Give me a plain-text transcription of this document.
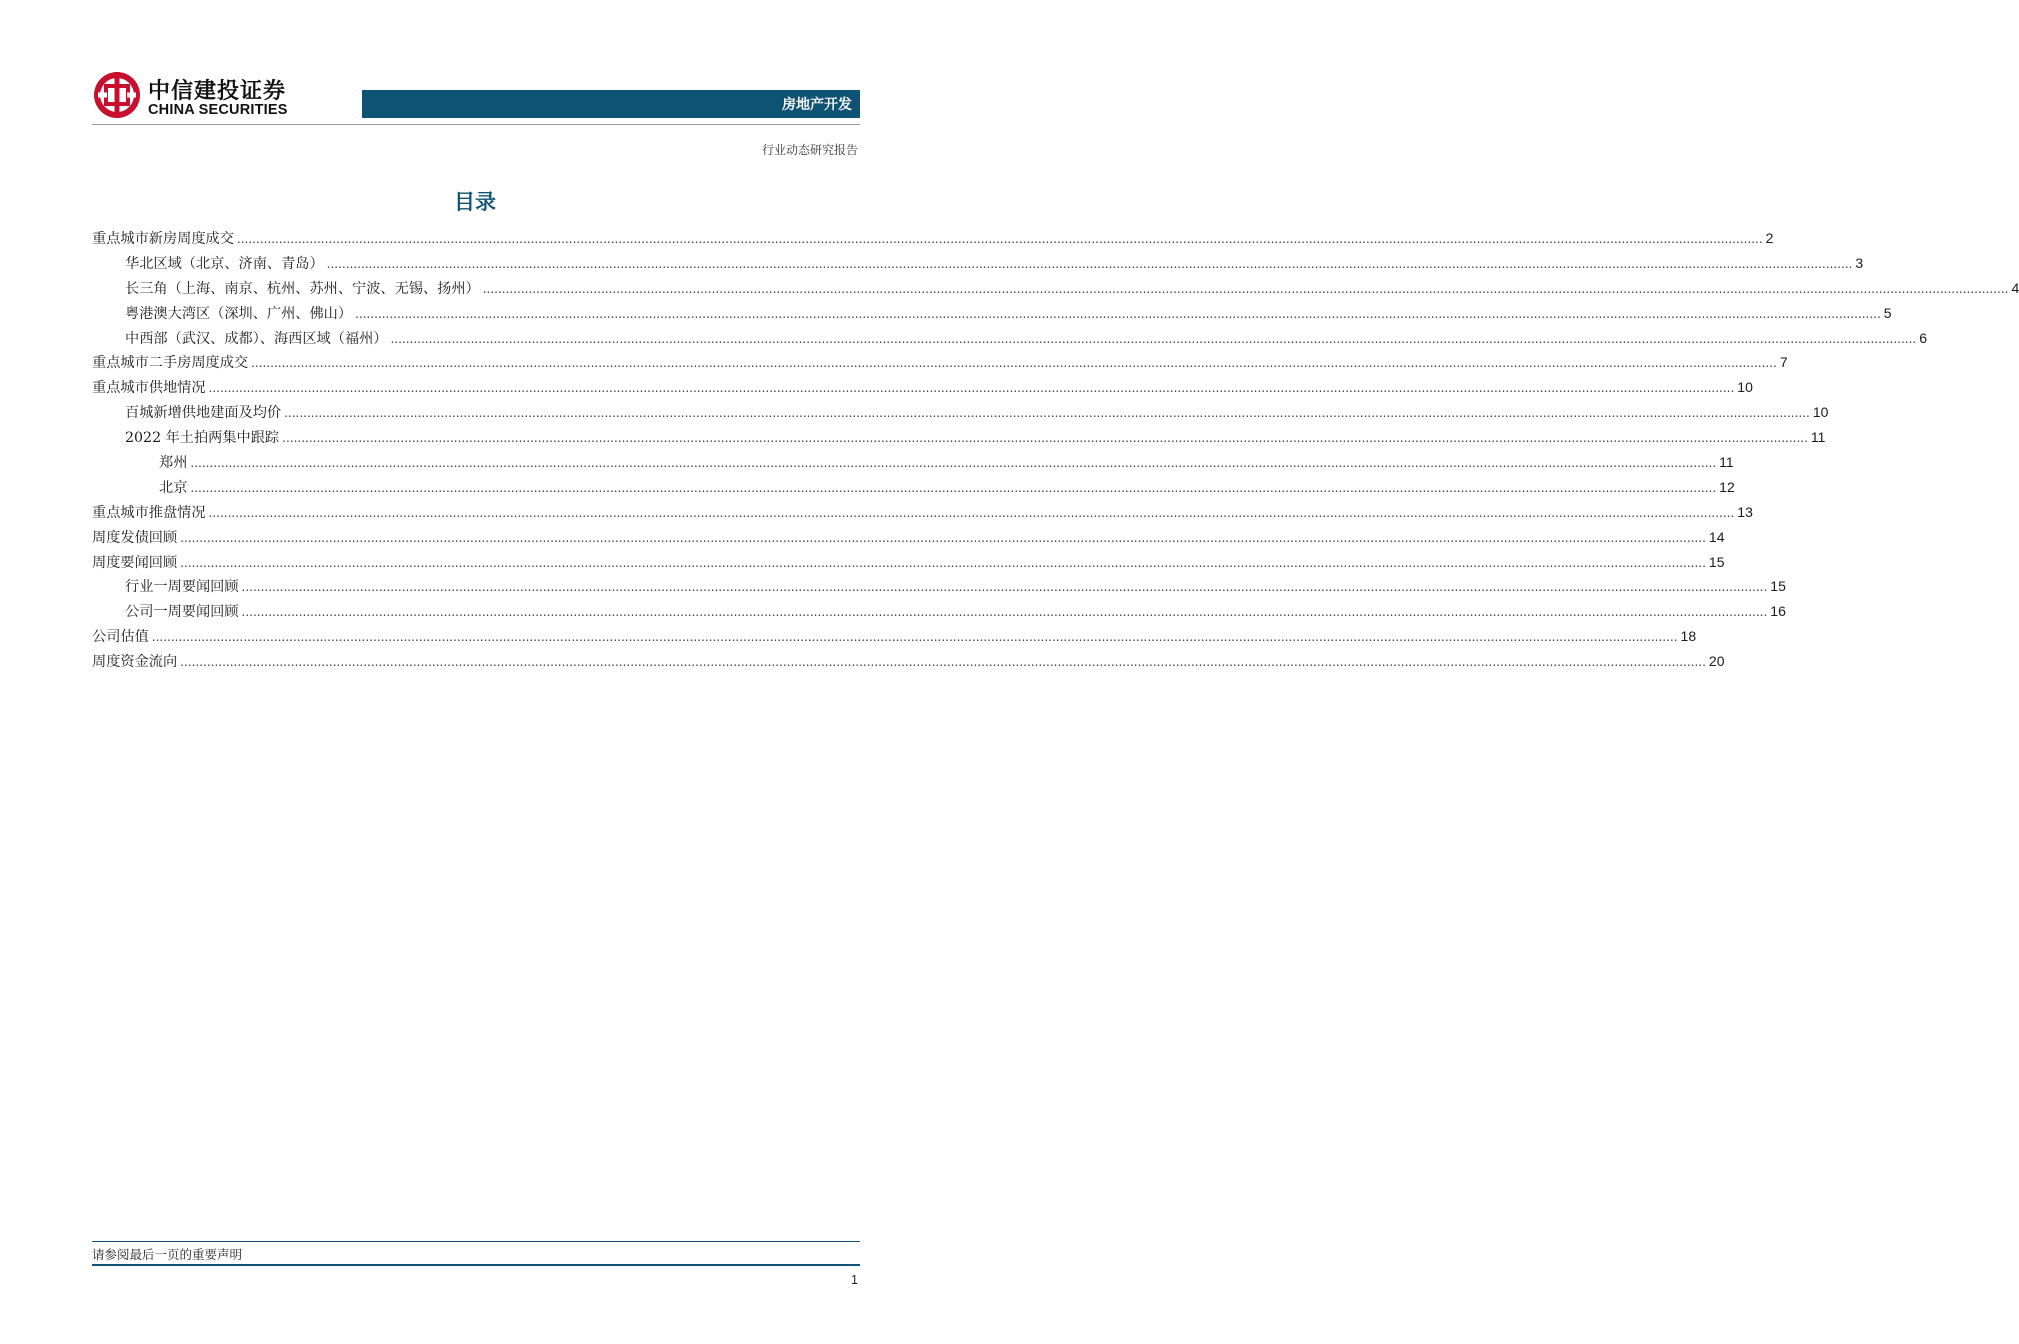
中信建投证券
CHINA SECURITIES	房地产开发
行业动态研究报告
目录
重点城市新房周度成交 ................................................................................................................................................................................................................................................................................................................................................................................................................ 2
华北区域（北京、济南、青岛） ................................................................................................................................................................................................................................................................................................................................................................................................................ 3
长三角（上海、南京、杭州、苏州、宁波、无锡、扬州） ................................................................................................................................................................................................................................................................................................................................................................................................................ 4
粤港澳大湾区（深圳、广州、佛山） ................................................................................................................................................................................................................................................................................................................................................................................................................ 5
中西部（武汉、成都）、海西区域（福州） ................................................................................................................................................................................................................................................................................................................................................................................................................ 6
重点城市二手房周度成交 ................................................................................................................................................................................................................................................................................................................................................................................................................ 7
重点城市供地情况 ................................................................................................................................................................................................................................................................................................................................................................................................................ 10
百城新增供地建面及均价 ................................................................................................................................................................................................................................................................................................................................................................................................................ 10
2022 年土拍两集中跟踪 ................................................................................................................................................................................................................................................................................................................................................................................................................ 11
郑州 ................................................................................................................................................................................................................................................................................................................................................................................................................ 11
北京 ................................................................................................................................................................................................................................................................................................................................................................................................................ 12
重点城市推盘情况 ................................................................................................................................................................................................................................................................................................................................................................................................................ 13
周度发债回顾 ................................................................................................................................................................................................................................................................................................................................................................................................................ 14
周度要闻回顾 ................................................................................................................................................................................................................................................................................................................................................................................................................ 15
行业一周要闻回顾 ................................................................................................................................................................................................................................................................................................................................................................................................................ 15
公司一周要闻回顾 ................................................................................................................................................................................................................................................................................................................................................................................................................ 16
公司估值 ................................................................................................................................................................................................................................................................................................................................................................................................................ 18
周度资金流向 ................................................................................................................................................................................................................................................................................................................................................................................................................ 20
请参阅最后一页的重要声明
1
